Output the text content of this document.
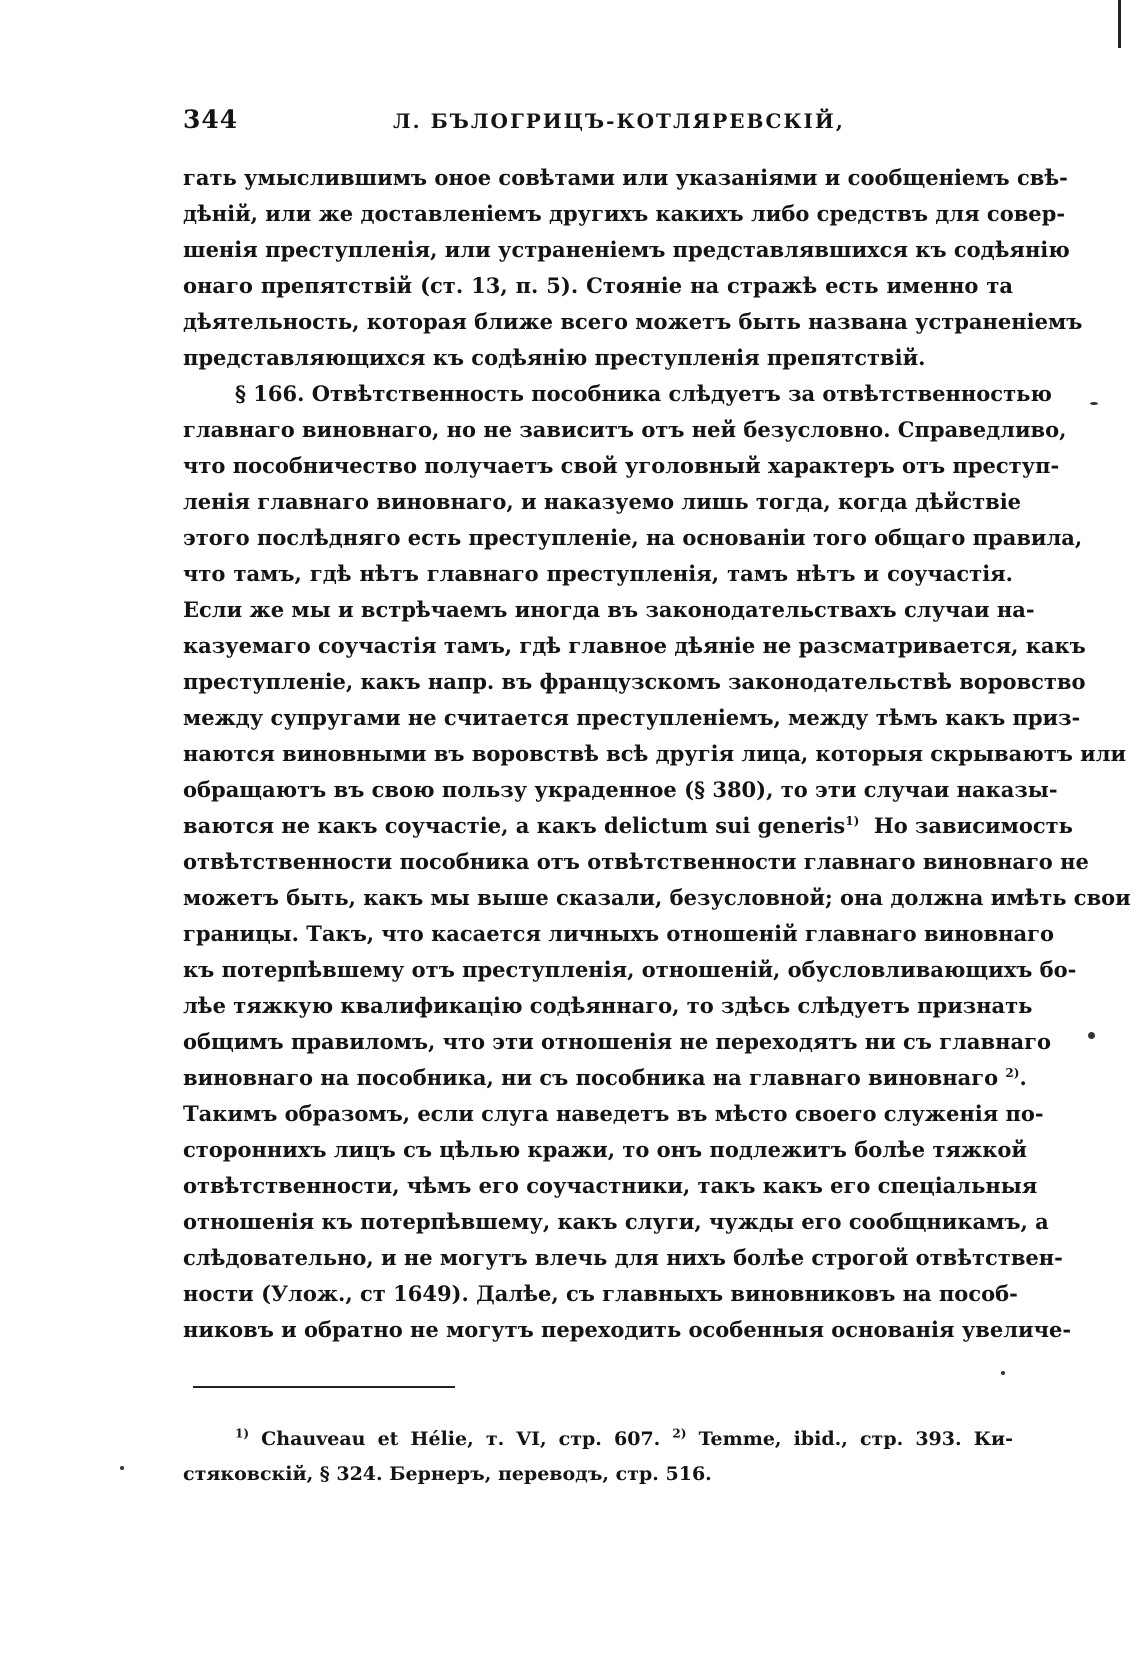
344	Л. БЪЛОГРИЦЪ-КОТЛЯРЕВСКІЙ,
гать умыслившимъ оное совѣтами или указаніями и сообщеніемъ свѣ-
дѣній, или же доставленіемъ другихъ какихъ либо средствъ для совер-
шенія преступленія, или устраненіемъ представлявшихся къ содѣянію
онаго препятствій (ст. 13, п. 5). Стояніе на стражѣ есть именно та
дѣятельность, которая ближе всего можетъ быть названа устраненіемъ
представляющихся къ содѣянію преступленія препятствій.
§ 166. Отвѣтственность пособника слѣдуетъ за отвѣтственностью
главнаго виновнаго, но не зависитъ отъ ней безусловно. Справедливо,
что пособничество получаетъ свой уголовный характеръ отъ преступ-
ленія главнаго виновнаго, и наказуемо лишь тогда, когда дѣйствіе
этого послѣдняго есть преступленіе, на основаніи того общаго правила,
что тамъ, гдѣ нѣтъ главнаго преступленія, тамъ нѣтъ и соучастія.
Если же мы и встрѣчаемъ иногда въ законодательствахъ случаи на-
казуемаго соучастія тамъ, гдѣ главное дѣяніе не разсматривается, какъ
преступленіе, какъ напр. въ французскомъ законодательствѣ воровство
между супругами не считается преступленіемъ, между тѣмъ какъ приз-
наются виновными въ воровствѣ всѣ другія лица, которыя скрываютъ или
обращаютъ въ свою пользу украденное (§ 380), то эти случаи наказы-
ваются не какъ соучастіе, а какъ delictum sui generis$^{1)}$ Но зависимость
отвѣтственности пособника отъ отвѣтственности главнаго виновнаго не
можетъ быть, какъ мы выше сказали, безусловной; она должна имѣть свои
границы. Такъ, что касается личныхъ отношеній главнаго виновнаго
къ потерпѣвшему отъ преступленія, отношеній, обусловливающихъ бо-
лѣе тяжкую квалификацію содѣяннаго, то здѣсь слѣдуетъ признать
общимъ правиломъ, что эти отношенія не переходятъ ни съ главнаго
виновнаго на пособника, ни съ пособника на главнаго виновнаго $^{2)}$.
Такимъ образомъ, если слуга наведетъ въ мѣсто своего служенія по-
стороннихъ лицъ съ цѣлью кражи, то онъ подлежитъ болѣе тяжкой
отвѣтственности, чѣмъ его соучастники, такъ какъ его спеціальныя
отношенія къ потерпѣвшему, какъ слуги, чужды его сообщникамъ, а
слѣдовательно, и не могутъ влечь для нихъ болѣе строгой отвѣтствен-
ности (Улож., ст 1649). Далѣе, съ главныхъ виновниковъ на пособ-
никовъ и обратно не могутъ переходить особенныя основанія увеличе-
$^{1)}$ Chauveau et Hélie, т. VI, стр. 607. $^{2)}$ Temme, ibid., стр. 393. Ки-
стяковскій, § 324. Бернеръ, переводъ, стр. 516.
